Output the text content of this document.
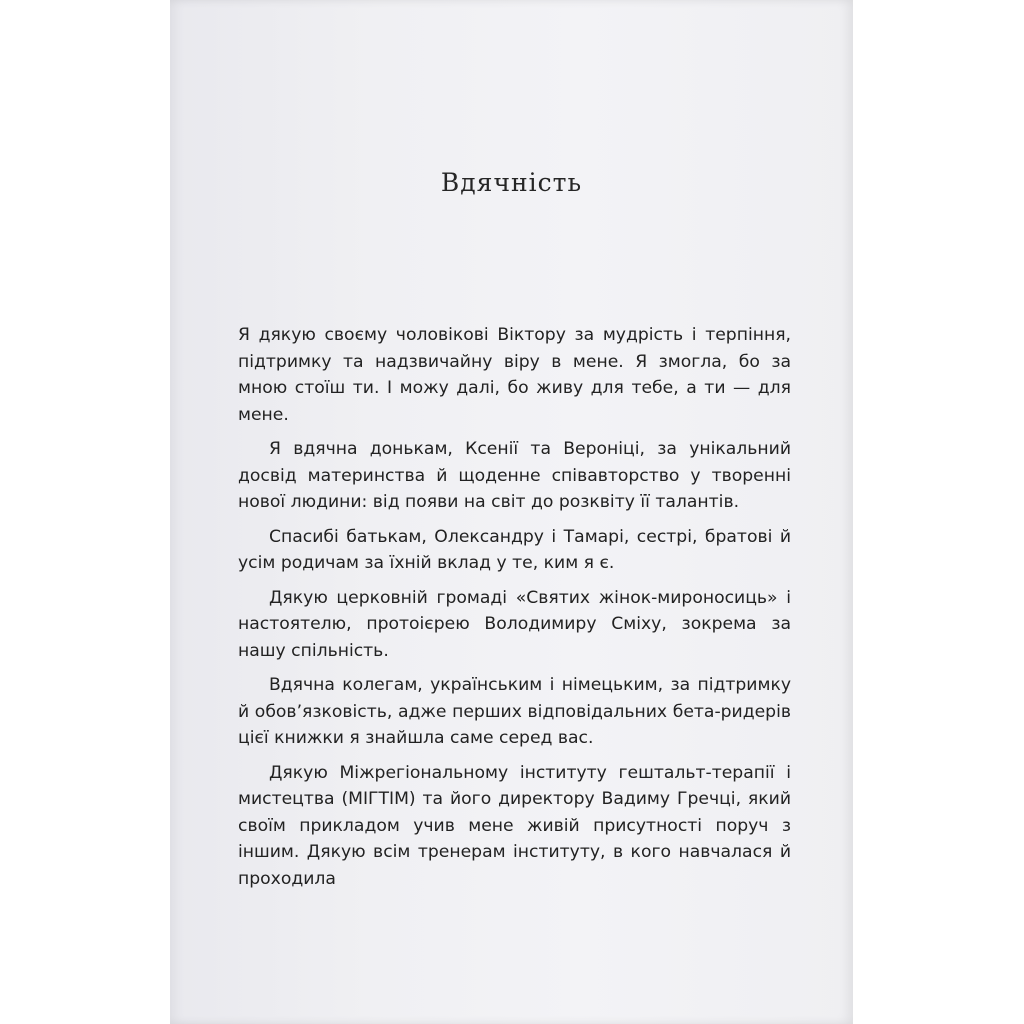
Вдячність

Я дякую своєму чоловікові Віктору за мудрість і терпіння, підтримку та надзвичайну віру в мене. Я змогла, бо за мною стоїш ти. І можу далі, бо живу для тебе, а ти — для мене.

Я вдячна донькам, Ксенії та Вероніці, за унікальний досвід материнства й щоденне співавторство у творенні нової людини: від появи на світ до розквіту її талантів.

Спасибі батькам, Олександру і Тамарі, сестрі, братові й усім родичам за їхній вклад у те, ким я є.

Дякую церковній громаді «Святих жінок-мироносиць» і настоятелю, протоієрею Володимиру Сміху, зокрема за нашу спільність.

Вдячна колегам, українським і німецьким, за підтримку й обов’язковість, адже перших відповідальних бета-ридерів цієї книжки я знайшла саме серед вас.

Дякую Міжрегіональному інституту гештальт-терапії і мистецтва (МІГТІМ) та його директору Вадиму Гречці, який своїм прикладом учив мене живій присутності поруч з іншим. Дякую всім тренерам інституту, в кого навчалася й проходила
